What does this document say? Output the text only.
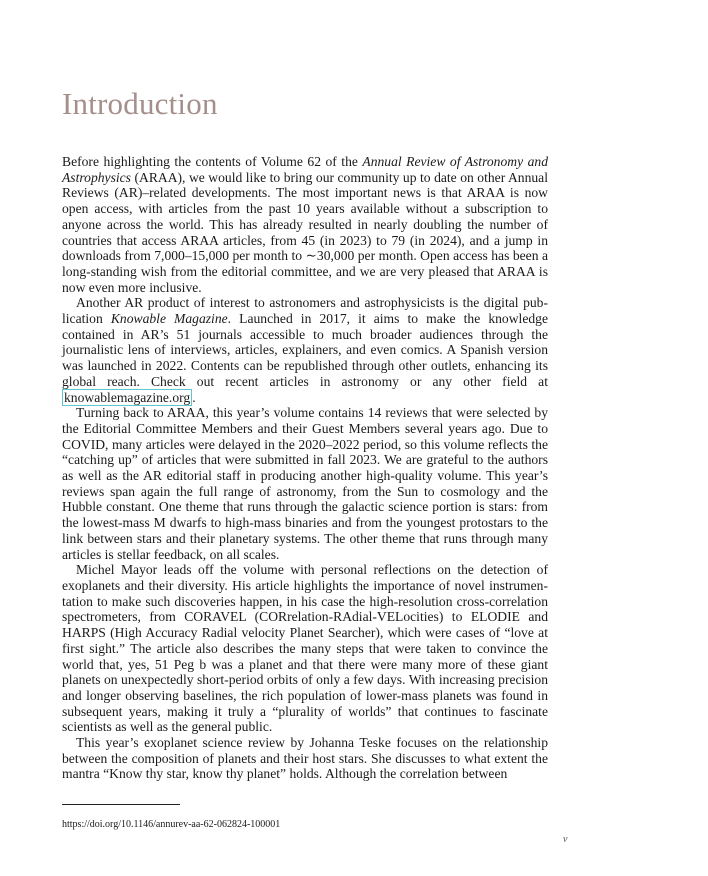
Introduction

Before highlighting the contents of Volume 62 of the Annual Review of Astronomy and Astrophysics (ARAA), we would like to bring our community up to date on other Annual Reviews (AR)–related developments. The most important news is that ARAA is now open access, with articles from the past 10 years available without a subscription to anyone across the world. This has already resulted in nearly doubling the number of countries that access ARAA articles, from 45 (in 2023) to 79 (in 2024), and a jump in downloads from 7,000–15,000 per month to ∼30,000 per month. Open access has been a long-standing wish from the editorial committee, and we are very pleased that ARAA is now even more inclusive.

Another AR product of interest to astronomers and astrophysicists is the digital publication Knowable Magazine. Launched in 2017, it aims to make the knowledge contained in AR’s 51 journals accessible to much broader audiences through the journalistic lens of interviews, articles, explainers, and even comics. A Spanish version was launched in 2022. Contents can be republished through other outlets, enhancing its global reach. Check out recent articles in astronomy or any other field at knowablemagazine.org .

Turning back to ARAA, this year’s volume contains 14 reviews that were selected by the Editorial Committee Members and their Guest Members several years ago. Due to COVID, many articles were delayed in the 2020–2022 period, so this volume reflects the “catching up” of articles that were submitted in fall 2023. We are grateful to the authors as well as the AR editorial staff in producing another high-quality volume. This year’s reviews span again the full range of astronomy, from the Sun to cosmology and the Hubble constant. One theme that runs through the galactic science portion is stars: from the lowest-mass M dwarfs to high-mass binaries and from the youngest protostars to the link between stars and their planetary systems. The other theme that runs through many articles is stellar feedback, on all scales.

Michel Mayor leads off the volume with personal reflections on the detection of exoplanets and their diversity. His article highlights the importance of novel instrumentation to make such discoveries happen, in his case the high-resolution cross-correlation spectrometers, from CORAVEL (CORrelation-RAdial-VELocities) to ELODIE and HARPS (High Accuracy Radial velocity Planet Searcher), which were cases of “love at first sight.” The article also describes the many steps that were taken to convince the world that, yes, 51 Peg b was a planet and that there were many more of these giant planets on unexpectedly short-period orbits of only a few days. With increasing precision and longer observing baselines, the rich population of lower-mass planets was found in subsequent years, making it truly a “plurality of worlds” that continues to fascinate scientists as well as the general public.

This year’s exoplanet science review by Johanna Teske focuses on the relationship between the composition of planets and their host stars. She discusses to what extent the mantra “Know thy star, know thy planet” holds. Although the correlation between

https://doi.org/10.1146/annurev-aa-62-062824-100001
v
